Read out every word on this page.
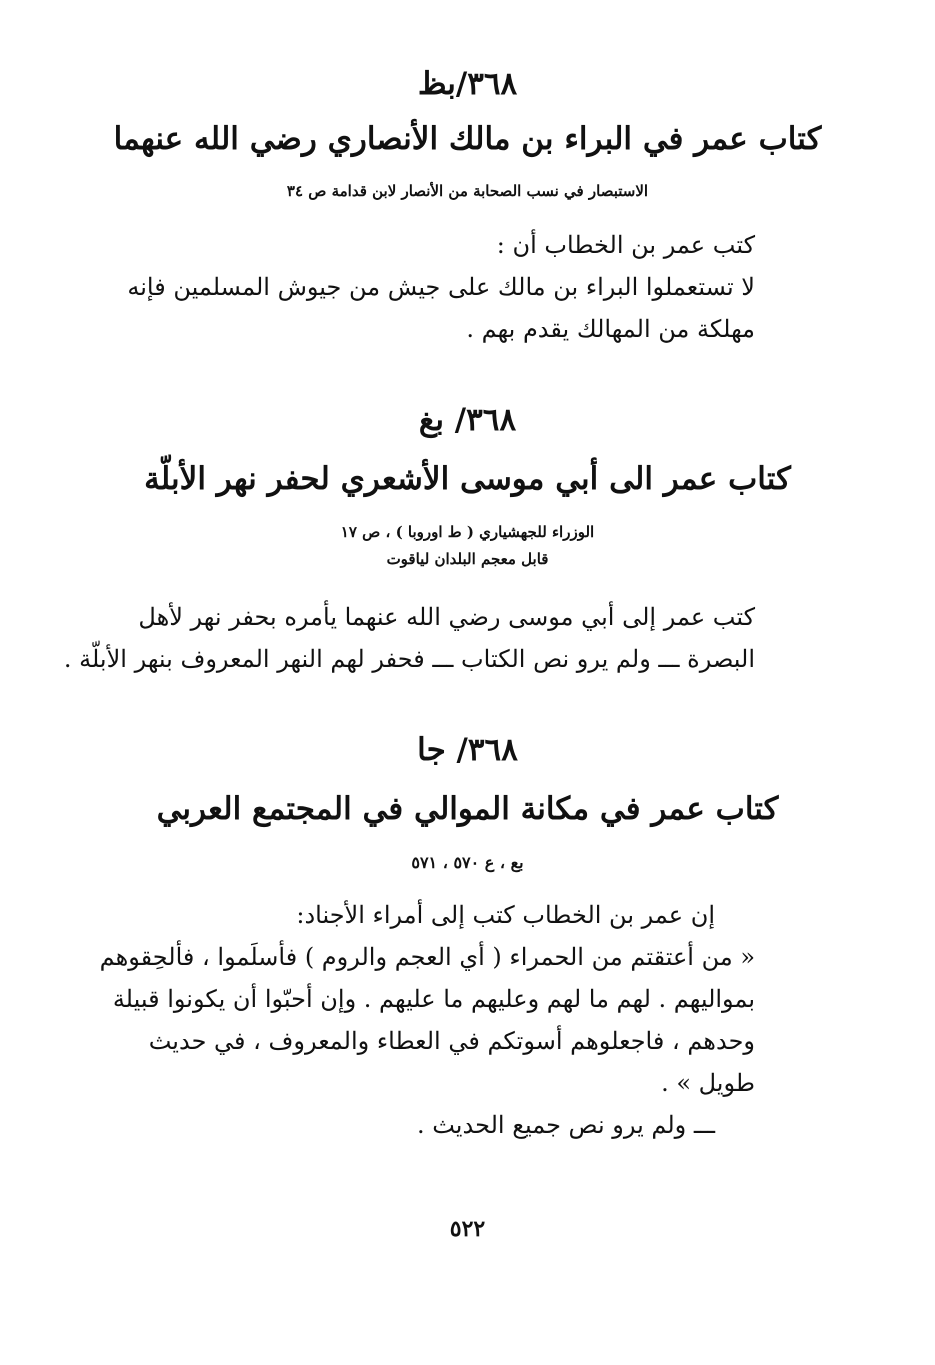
٣٦٨/بظ
كتاب عمر في البراء بن مالك الأنصاري رضي الله عنهما
الاستبصار في نسب الصحابة من الأنصار لابن قدامة ص ٣٤
كتب عمر بن الخطاب أن :
لا تستعملوا البراء بن مالك على جيش من جيوش المسلمين فإنه
مهلكة من المهالك يقدم بهم .
٣٦٨/ بغ
كتاب عمر الى أبي موسى الأشعري لحفر نهر الأبلّة
الوزراء للجهشياري ( ط اوروبا ) ، ص ١٧
قابل معجم البلدان لياقوت
كتب عمر إلى أبي موسى رضي الله عنهما يأمره بحفر نهر لأهل
البصرة ـــ ولم يرو نص الكتاب ـــ فحفر لهم النهر المعروف بنهر الأبلّة .
٣٦٨/ جا
كتاب عمر في مكانة الموالي في المجتمع العربي
بع ، ع ٥٧٠ ، ٥٧١
إن عمر بن الخطاب كتب إلى أمراء الأجناد:
« من أعتقتم من الحمراء ( أي العجم والروم ) فأسلَموا ، فألحِقوهم
بمواليهم . لهم ما لهم وعليهم ما عليهم . وإن أحبّوا أن يكونوا قبيلة
وحدهم ، فاجعلوهم أسوتكم في العطاء والمعروف ، في حديث
طويل » .
ـــ ولم يرو نص جميع الحديث .
٥٢٢
